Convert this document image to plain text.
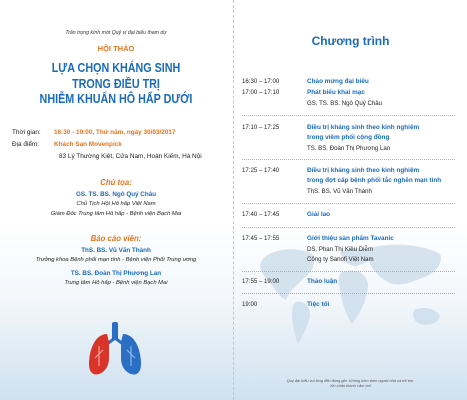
Trân trọng kính mời Quý vị đại biểu tham dự
HỘI THẢO
LỰA CHỌN KHÁNG SINH
TRONG ĐIỀU TRỊ
NHIỄM KHUẨN HÔ HẤP DƯỚI
Thời gian: 16:30 - 19:00, Thứ năm, ngày 30/03/2017
Địa điểm: Khách Sạn Movenpick
83 Lý Thường Kiệt, Cửa Nam, Hoàn Kiếm, Hà Nội
Chủ tọa:
GS. TS. BS. Ngô Quý Châu
Chủ Tịch Hội Hô hấp Việt Nam
Giám Đốc Trung tâm Hô hấp - Bệnh viện Bạch Mai
Báo cáo viên:
ThS. BS. Vũ Văn Thành
Trưởng khoa Bệnh phổi mạn tính - Bệnh viện Phổi Trung ương
TS. BS. Đoàn Thị Phương Lan
Trung tâm Hô hấp - Bệnh viện Bạch Mai
Chương trình
16:30 – 17:00	Chào mừng đại biểu
17:00 – 17:10	Phát biểu khai mạc
GS. TS. BS. Ngô Quý Châu
17:10 – 17:25	Điều trị kháng sinh theo kinh nghiệm
trong viêm phổi cộng đồng
TS. BS. Đoàn Thị Phương Lan
17:25 – 17:40	Điều trị kháng sinh theo kinh nghiệm
trong đợt cấp bệnh phổi tắc nghẽn mạn tính
ThS. BS. Vũ Văn Thành
17:40 – 17:45	Giải lao
17:45 – 17:55	Giới thiệu sản phẩm Tavanic
DS. Phan Thị Kiều Diễm
Công ty Sanofi Việt Nam
17:55 – 19:00	Thảo luận
19:00	Tiệc tối
Quý đại biểu vui lòng đến đúng giờ. Không kèm theo người nhà và trẻ em.
Xin chân thành cảm ơn!
